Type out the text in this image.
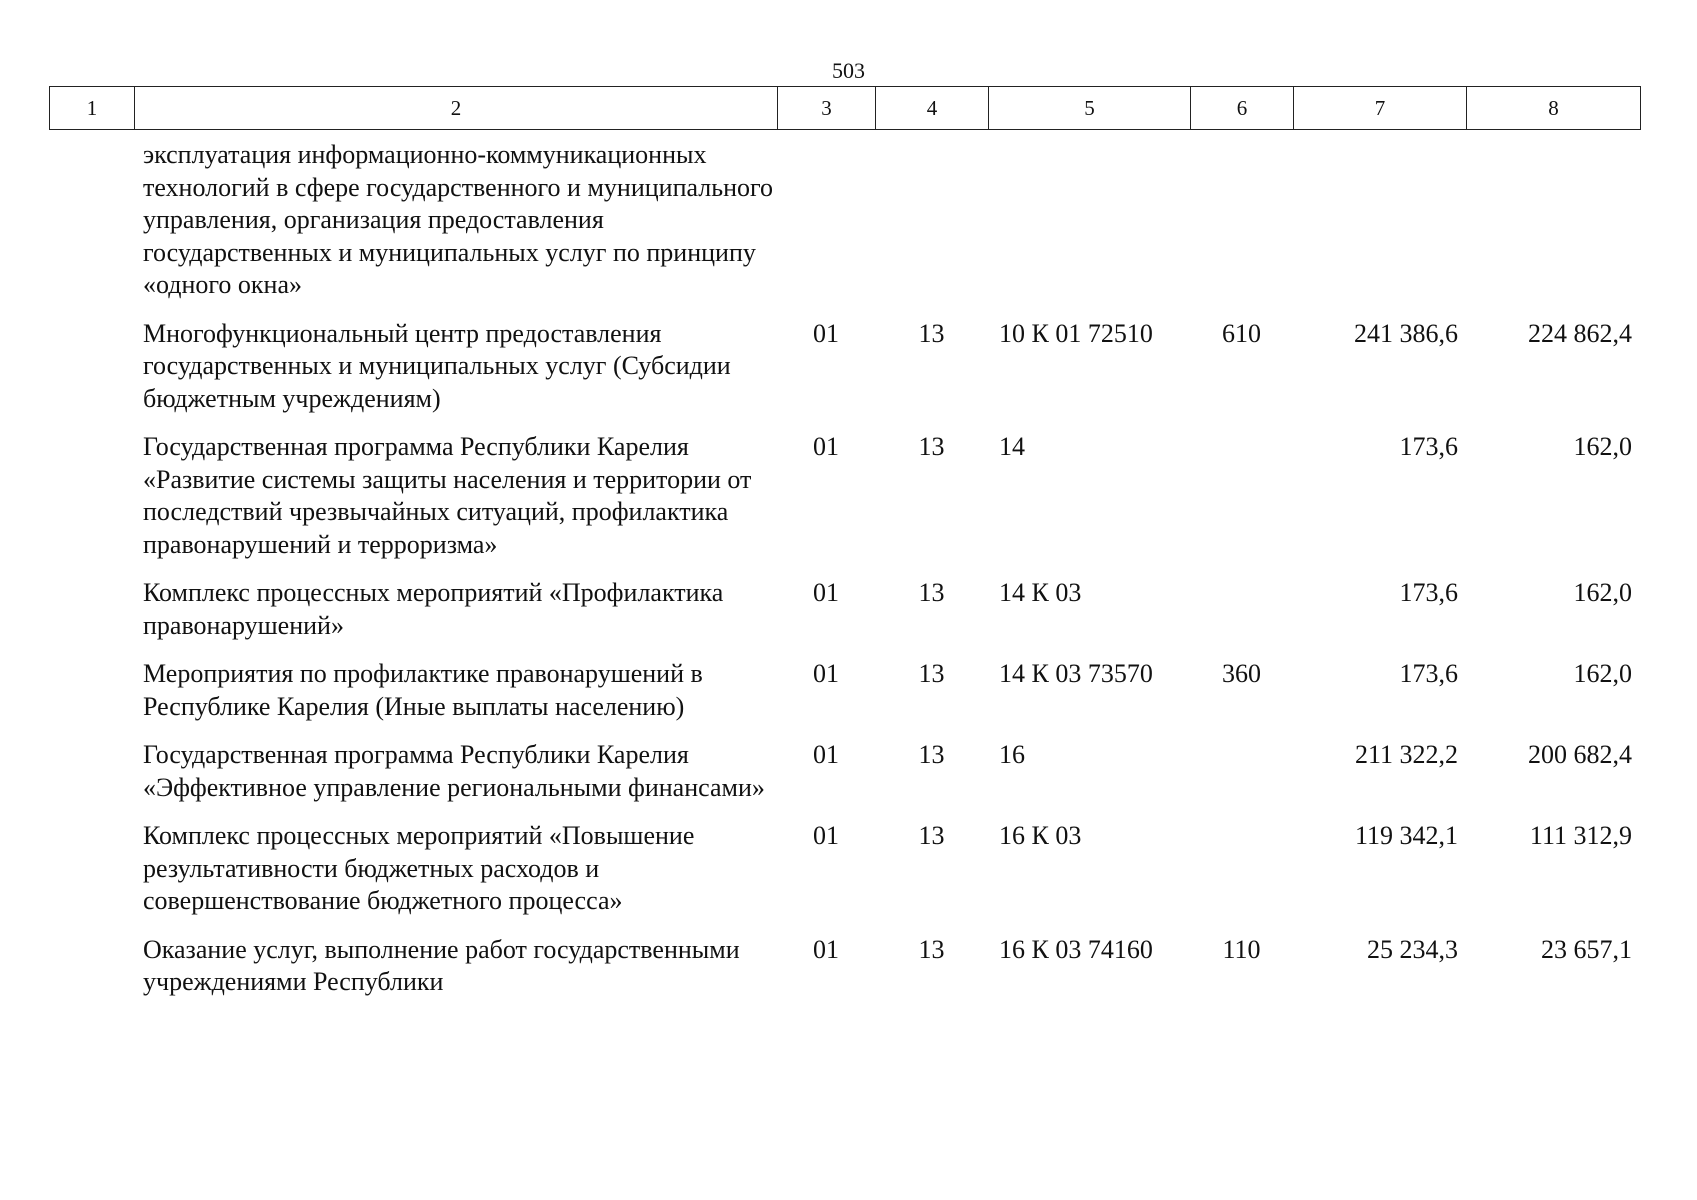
503
1	2	3	4	5	6	7	8
эксплуатация информационно-коммуникационных технологий в сфере государственного и муниципального управления, организация предоставления государственных и муниципальных услуг по принципу «одного окна»						
Многофункциональный центр предоставления государственных и муниципальных услуг (Субсидии бюджетным учреждениям)	01	13	10 К 01 72510	610	241 386,6	224 862,4
Государственная программа Республики Карелия «Развитие системы защиты населения и территории от последствий чрезвычайных ситуаций, профилактика правонарушений и терроризма»	01	13	14		173,6	162,0
Комплекс процессных мероприятий «Профилактика правонарушений»	01	13	14 К 03		173,6	162,0
Мероприятия по профилактике правонарушений в Республике Карелия (Иные выплаты населению)	01	13	14 К 03 73570	360	173,6	162,0
Государственная программа Республики Карелия «Эффективное управление региональными финансами»	01	13	16		211 322,2	200 682,4
Комплекс процессных мероприятий «Повышение результативности бюджетных расходов и совершенствование бюджетного процесса»	01	13	16 К 03		119 342,1	111 312,9
Оказание услуг, выполнение работ государственными учреждениями Республики	01	13	16 К 03 74160	110	25 234,3	23 657,1
